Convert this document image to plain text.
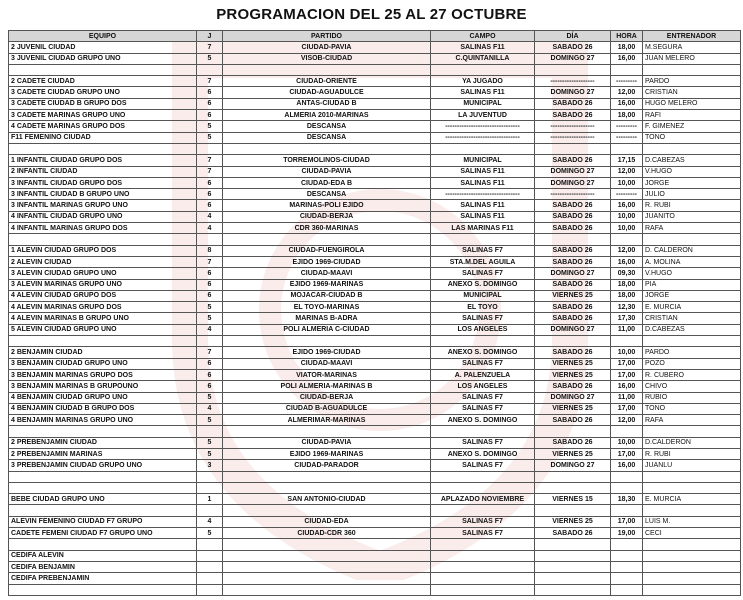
PROGRAMACION DEL 25 AL 27 OCTUBRE
EQUIPO	J	PARTIDO	CAMPO	DÍA	HORA	ENTRENADOR
2 JUVENIL CIUDAD	7	CIUDAD-PAVIA	SALINAS F11	SABADO 26	18,00	M.SEGURA
3 JUVENIL CIUDAD GRUPO UNO	5	VISOB-CIUDAD	C.QUINTANILLA	DOMINGO 27	16,00	JUAN MELERO

2 CADETE CIUDAD	7	CIUDAD-ORIENTE	YA JUGADO	-------------------	---------	PARDO
3 CADETE CIUDAD GRUPO UNO	6	CIUDAD-AGUADULCE	SALINAS F11	DOMINGO 27	12,00	CRISTIAN
3 CADETE CIUDAD B GRUPO DOS	6	ANTAS-CIUDAD B	MUNICIPAL	SABADO 26	16,00	HUGO MELERO
3 CADETE MARINAS GRUPO UNO	6	ALMERIA 2010-MARINAS	LA JUVENTUD	SABADO 26	18,00	RAFI
4 CADETE MARINAS GRUPO DOS	5	DESCANSA	--------------------------------	-------------------	---------	F. GIMENEZ
F11 FEMENINO CIUDAD	5	DESCANSA	--------------------------------	-------------------	---------	TONO

1 INFANTIL CIUDAD GRUPO DOS	7	TORREMOLINOS-CIUDAD	MUNICIPAL	SABADO 26	17,15	D.CABEZAS
2 INFANTIL CIUDAD	7	CIUDAD-PAVIA	SALINAS F11	DOMINGO 27	12,00	V.HUGO
3 INFANTIL CIUDAD GRUPO DOS	6	CIUDAD-EDA B	SALINAS F11	DOMINGO 27	10,00	JORGE
3 INFANTIL CIUDAD B GRUPO UNO	6	DESCANSA	--------------------------------	-------------------	---------	JULIO
3 INFANTIL MARINAS GRUPO UNO	6	MARINAS-POLI EJIDO	SALINAS F11	SABADO 26	16,00	R. RUBI
4 INFANTIL CIUDAD GRUPO UNO	4	CIUDAD-BERJA	SALINAS F11	SABADO 26	10,00	JUANITO
4 INFANTIL MARINAS GRUPO DOS	4	CDR 360-MARINAS	LAS MARINAS F11	SABADO 26	10,00	RAFA

1 ALEVIN CIUDAD GRUPO DOS	8	CIUDAD-FUENGIROLA	SALINAS F7	SABADO 26	12,00	D. CALDERON
2 ALEVIN CIUDAD	7	EJIDO 1969-CIUDAD	STA.M.DEL AGUILA	SABADO 26	16,00	A. MOLINA
3 ALEVIN CIUDAD GRUPO UNO	6	CIUDAD-MAAVI	SALINAS F7	DOMINGO 27	09,30	V.HUGO
3 ALEVIN MARINAS GRUPO UNO	6	EJIDO 1969-MARINAS	ANEXO S. DOMINGO	SABADO 26	18,00	PIA
4 ALEVIN CIUDAD GRUPO DOS	6	MOJACAR-CIUDAD B	MUNICIPAL	VIERNES 25	18,00	JORGE
4 ALEVIN MARINAS GRUPO DOS	5	EL TOYO-MARINAS	EL TOYO	SABADO 26	12,30	E. MURCIA
4 ALEVIN MARINAS B GRUPO UNO	5	MARINAS B-ADRA	SALINAS F7	SABADO 26	17,30	CRISTIAN
5 ALEVIN CIUDAD GRUPO UNO	4	POLI ALMERIA C-CIUDAD	LOS ANGELES	DOMINGO 27	11,00	D.CABEZAS

2 BENJAMIN CIUDAD	7	EJIDO 1969-CIUDAD	ANEXO S. DOMINGO	SABADO 26	10,00	PARDO
3 BENJAMIN CIUDAD GRUPO UNO	6	CIUDAD-MAAVI	SALINAS F7	VIERNES 25	17,00	POZO
3 BENJAMIN MARINAS GRUPO DOS	6	VIATOR-MARINAS	A. PALENZUELA	VIERNES 25	17,00	R. CUBERO
3 BENJAMIN MARINAS B GRUPOUNO	6	POLI ALMERIA-MARINAS B	LOS ANGELES	SABADO 26	16,00	CHIVO
4 BENJAMIN CIUDAD GRUPO UNO	5	CIUDAD-BERJA	SALINAS F7	DOMINGO 27	11,00	RUBIO
4 BENJAMIN CIUDAD B GRUPO DOS	4	CIUDAD B-AGUADULCE	SALINAS F7	VIERNES 25	17,00	TONO
4 BENJAMIN MARINAS GRUPO UNO	5	ALMERIMAR-MARINAS	ANEXO S. DOMINGO	SABADO 26	12,00	RAFA

2 PREBENJAMIN CIUDAD	5	CIUDAD-PAVIA	SALINAS F7	SABADO 26	10,00	D.CALDERON
2 PREBENJAMIN MARINAS	5	EJIDO 1969-MARINAS	ANEXO S. DOMINGO	VIERNES 25	17,00	R. RUBI
3 PREBENJAMIN CIUDAD GRUPO UNO	3	CIUDAD-PARADOR	SALINAS F7	DOMINGO 27	16,00	JUANLU

BEBE CIUDAD GRUPO UNO	1	SAN ANTONIO-CIUDAD	APLAZADO NOVIEMBRE	VIERNES 15	18,30	E. MURCIA

ALEVIN FEMENINO CIUDAD F7 GRUPO	4	CIUDAD-EDA	SALINAS F7	VIERNES 25	17,00	LUIS M.
CADETE FEMENI CIUDAD F7 GRUPO UNO	5	CIUDAD-CDR 360	SALINAS F7	SABADO 26	19,00	CECI

CEDIFA ALEVIN						
CEDIFA BENJAMIN						
CEDIFA PREBENJAMIN						
